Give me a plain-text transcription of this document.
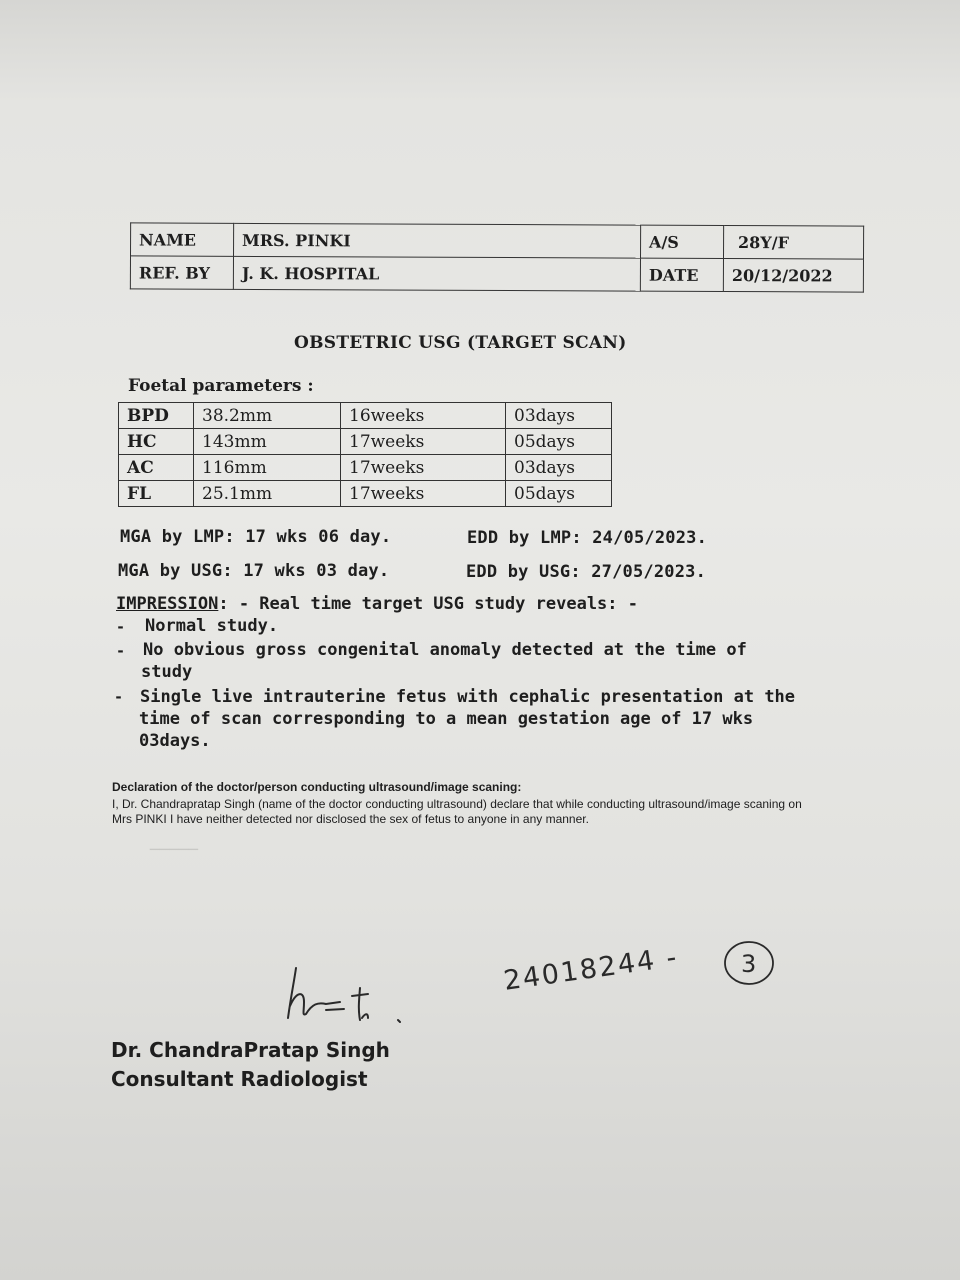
─────
NAME	MRS. PINKI	A/S	28Y/F
REF. BY	J. K. HOSPITAL	DATE	20/12/2022
OBSTETRIC USG (TARGET SCAN)
Foetal parameters :
BPD	38.2mm	16weeks	03days
HC	143mm	17weeks	05days
AC	116mm	17weeks	03days
FL	25.1mm	17weeks	05days
MGA by LMP: 17 wks 06 day.	EDD by LMP: 24/05/2023.
MGA by USG: 17 wks 03 day.	EDD by USG: 27/05/2023.
IMPRESSION: - Real time target USG study reveals: -
- Normal study.
- No obvious gross congenital anomaly detected at the time of
study
- Single live intrauterine fetus with cephalic presentation at the
time of scan corresponding to a mean gestation age of 17 wks
03days.
Declaration of the doctor/person conducting ultrasound/image scaning:
I, Dr. Chandrapratap Singh (name of the doctor conducting ultrasound) declare that while conducting ultrasound/image scaning on Mrs PINKI I have neither detected nor disclosed the sex of fetus to anyone in any manner.
24018244 -	3
Dr. ChandraPratap Singh
Consultant Radiologist
